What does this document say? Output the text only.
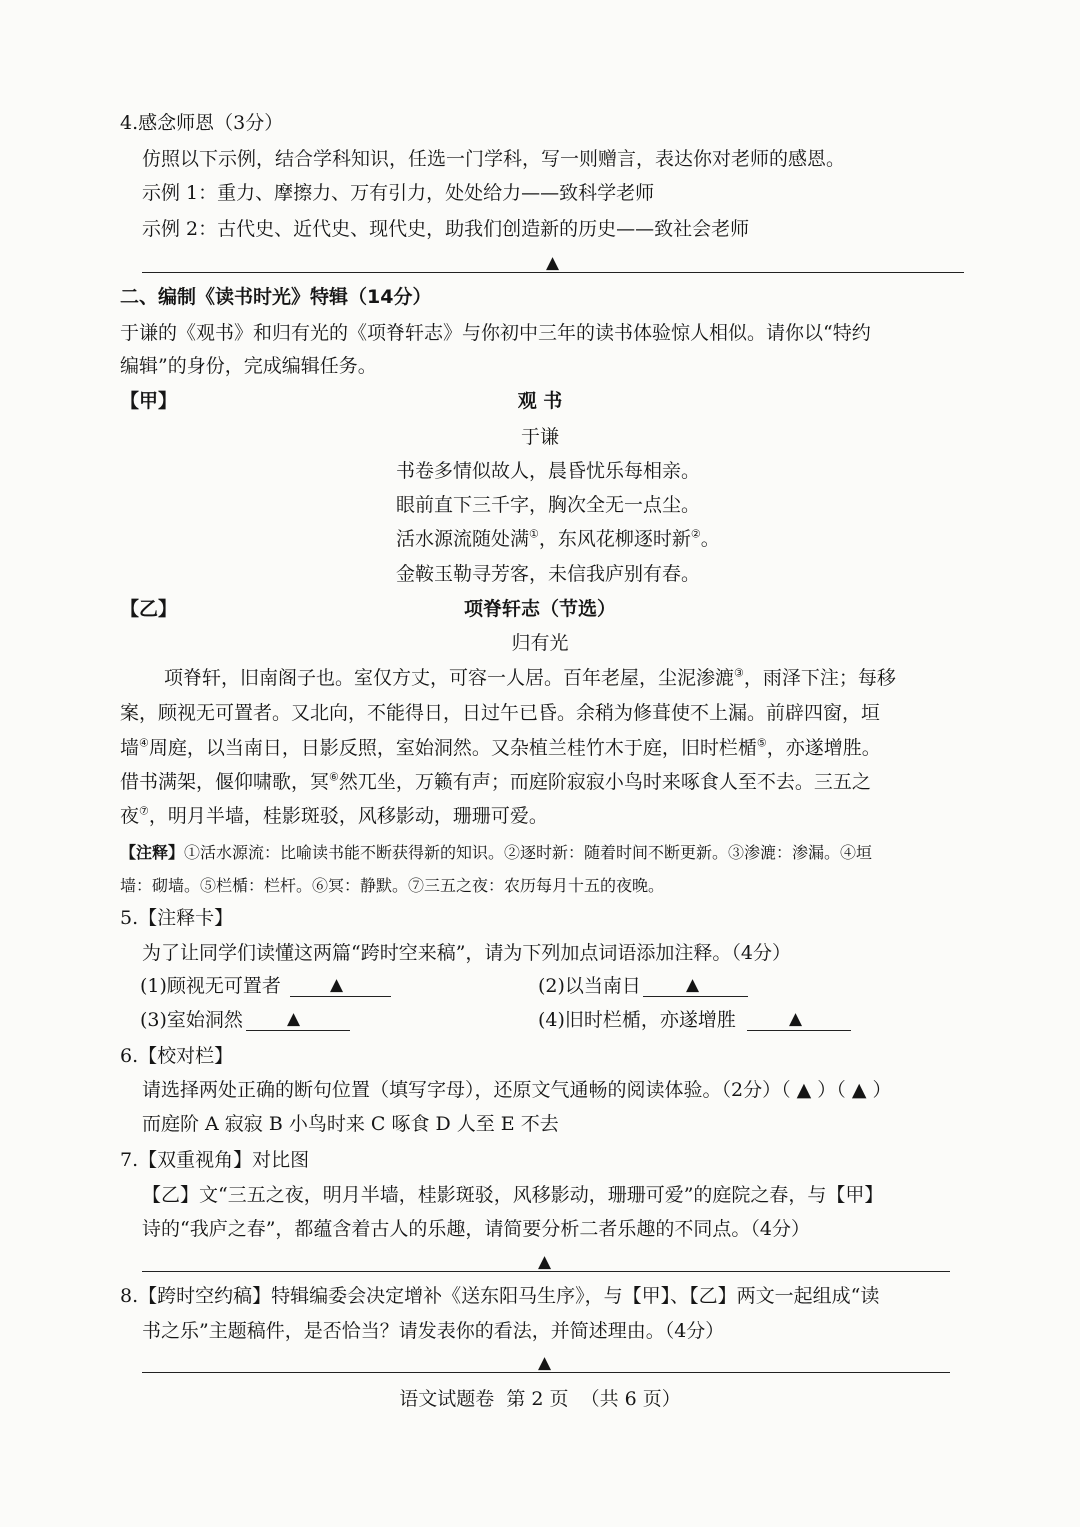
4.感念师恩（3分）
仿照以下示例，结合学科知识，任选一门学科，写一则赠言，表达你对老师的感恩。
示例 1：重力、摩擦力、万有引力，处处给力——致科学老师
示例 2：古代史、近代史、现代史，助我们创造新的历史——致社会老师
▲
二、编制《读书时光》特辑（14分）
于谦的《观书》和归有光的《项脊轩志》与你初中三年的读书体验惊人相似。请你以“特约
编辑”的身份，完成编辑任务。
【甲】	观 书
于谦
书卷多情似故人，晨昏忧乐每相亲。
眼前直下三千字，胸次全无一点尘。
活水源流随处满①，东风花柳逐时新②。
金鞍玉勒寻芳客，未信我庐别有春。
【乙】	项脊轩志（节选）
归有光
项脊轩，旧南阁子也。室仅方丈，可容一人居。百年老屋，尘泥渗漉③，雨泽下注；每移
案，顾视无可置者。又北向，不能得日，日过午已昏。余稍为修葺使不上漏。前辟四窗，垣
墙④周庭，以当南日，日影反照，室始洞然。又杂植兰桂竹木于庭，旧时栏楯⑤，亦遂增胜。
借书满架，偃仰啸歌，冥⑥然兀坐，万籁有声；而庭阶寂寂小鸟时来啄食人至不去。三五之
夜⑦，明月半墙，桂影斑驳，风移影动，珊珊可爱。
【注释】①活水源流：比喻读书能不断获得新的知识。②逐时新：随着时间不断更新。③渗漉：渗漏。④垣
墙：砌墙。⑤栏楯：栏杆。⑥冥：静默。⑦三五之夜：农历每月十五的夜晚。
5.【注释卡】
为了让同学们读懂这两篇“跨时空来稿”，请为下列加点词语添加注释。（4分）
(1)顾视无可置者	▲	(2)以当南日	▲
(3)室始洞然	▲	(4)旧时栏楯，亦遂增胜	▲
6.【校对栏】
请选择两处正确的断句位置（填写字母），还原文气通畅的阅读体验。（2分）（ ▲ ）（ ▲ ）
而庭阶 A 寂寂 B 小鸟时来 C 啄食 D 人至 E 不去
7.【双重视角】对比图
【乙】文“三五之夜，明月半墙，桂影斑驳，风移影动，珊珊可爱”的庭院之春，与【甲】
诗的“我庐之春”，都蕴含着古人的乐趣，请简要分析二者乐趣的不同点。（4分）
▲
8.【跨时空约稿】特辑编委会决定增补《送东阳马生序》，与【甲】、【乙】两文一起组成“读
书之乐”主题稿件，是否恰当？请发表你的看法，并简述理由。（4分）
▲
语文试题卷  第 2 页  （共 6 页）
